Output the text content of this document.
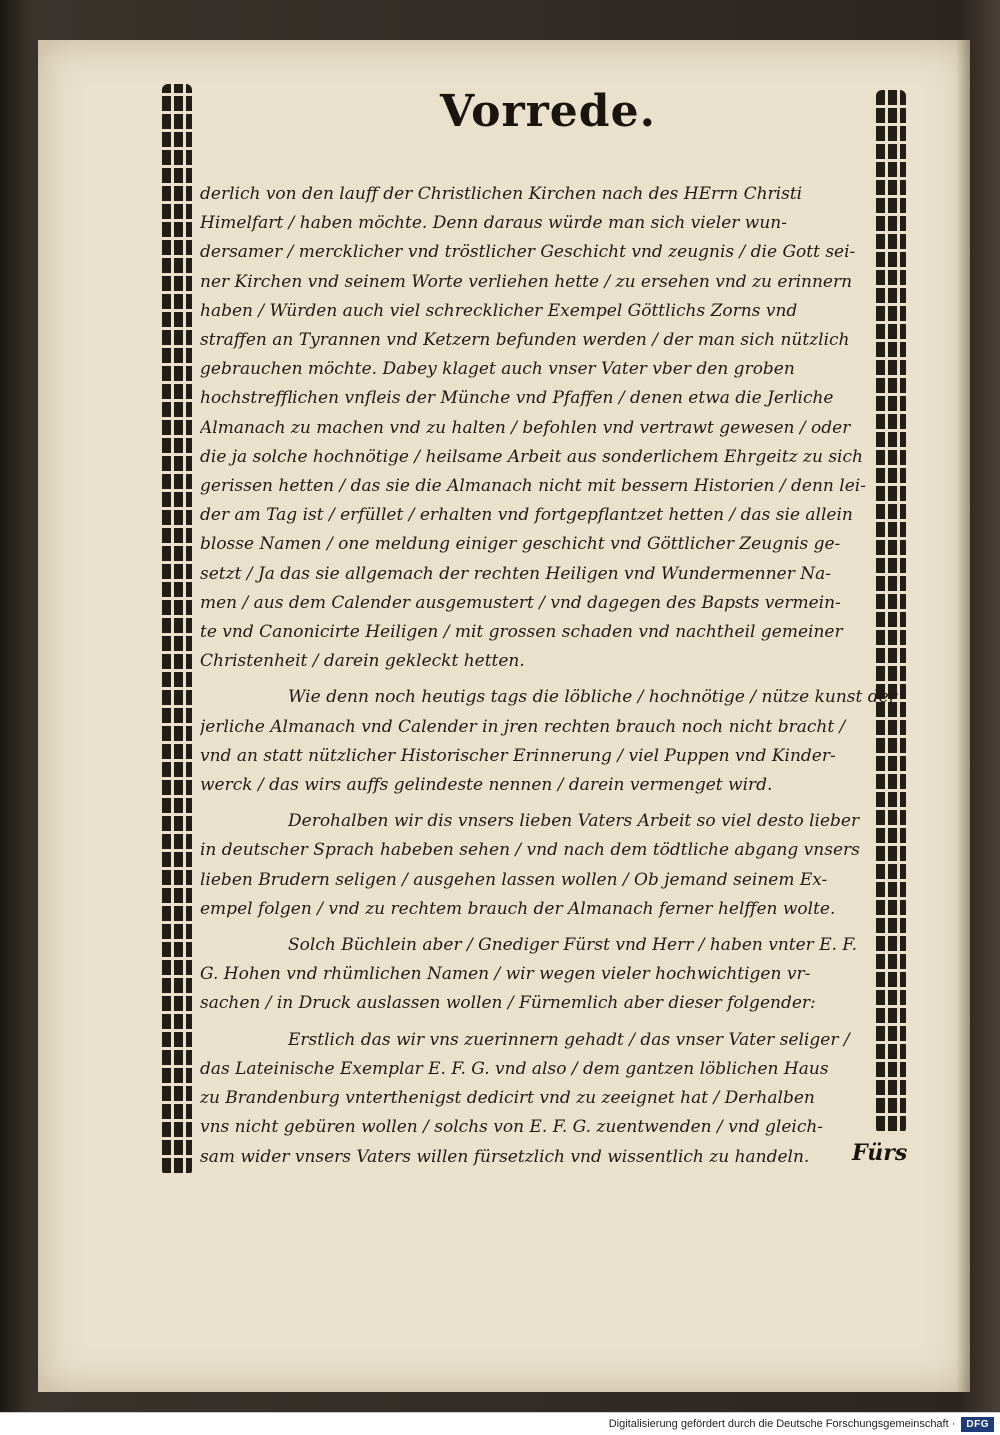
Vorrede.
derlich von den lauff der Christlichen Kirchen nach des HErrn Christi
Himelfart / haben möchte. Denn daraus würde man sich vieler wun-
dersamer / mercklicher vnd tröstlicher Geschicht vnd zeugnis / die Gott sei-
ner Kirchen vnd seinem Worte verliehen hette / zu ersehen vnd zu erinnern
haben / Würden auch viel schrecklicher Exempel Göttlichs Zorns vnd
straffen an Tyrannen vnd Ketzern befunden werden / der man sich nützlich
gebrauchen möchte. Dabey klaget auch vnser Vater vber den groben
hochstrefflichen vnfleis der Münche vnd Pfaffen / denen etwa die Jerliche
Almanach zu machen vnd zu halten / befohlen vnd vertrawt gewesen / oder
die ja solche hochnötige / heilsame Arbeit aus sonderlichem Ehrgeitz zu sich
gerissen hetten / das sie die Almanach nicht mit bessern Historien / denn lei-
der am Tag ist / erfüllet / erhalten vnd fortgepflantzet hetten / das sie allein
blosse Namen / one meldung einiger geschicht vnd Göttlicher Zeugnis ge-
setzt / Ja das sie allgemach der rechten Heiligen vnd Wundermenner Na-
men / aus dem Calender ausgemustert / vnd dagegen des Bapsts vermein-
te vnd Canonicirte Heiligen / mit grossen schaden vnd nachtheil gemeiner
Christenheit / darein gekleckt hetten.
Wie denn noch heutigs tags die löbliche / hochnötige / nütze kunst der
jerliche Almanach vnd Calender in jren rechten brauch noch nicht bracht /
vnd an statt nützlicher Historischer Erinnerung / viel Puppen vnd Kinder-
werck / das wirs auffs gelindeste nennen / darein vermenget wird.
Derohalben wir dis vnsers lieben Vaters Arbeit so viel desto lieber
in deutscher Sprach habeben sehen / vnd nach dem tödtliche abgang vnsers
lieben Brudern seligen / ausgehen lassen wollen / Ob jemand seinem Ex-
empel folgen / vnd zu rechtem brauch der Almanach ferner helffen wolte.
Solch Büchlein aber / Gnediger Fürst vnd Herr / haben vnter E. F.
G. Hohen vnd rhümlichen Namen / wir wegen vieler hochwichtigen vr-
sachen / in Druck auslassen wollen / Fürnemlich aber dieser folgender:
Erstlich das wir vns zuerinnern gehadt / das vnser Vater seliger /
das Lateinische Exemplar E. F. G. vnd also / dem gantzen löblichen Haus
zu Brandenburg vnterthenigst dedicirt vnd zu zeeignet hat / Derhalben
vns nicht gebüren wollen / solchs von E. F. G. zuentwenden / vnd gleich-
sam wider vnsers Vaters willen fürsetzlich vnd wissentlich zu handeln.	Fürs
Digitalisierung gefördert durch die Deutsche Forschungsgemeinschaft ·	DFG
